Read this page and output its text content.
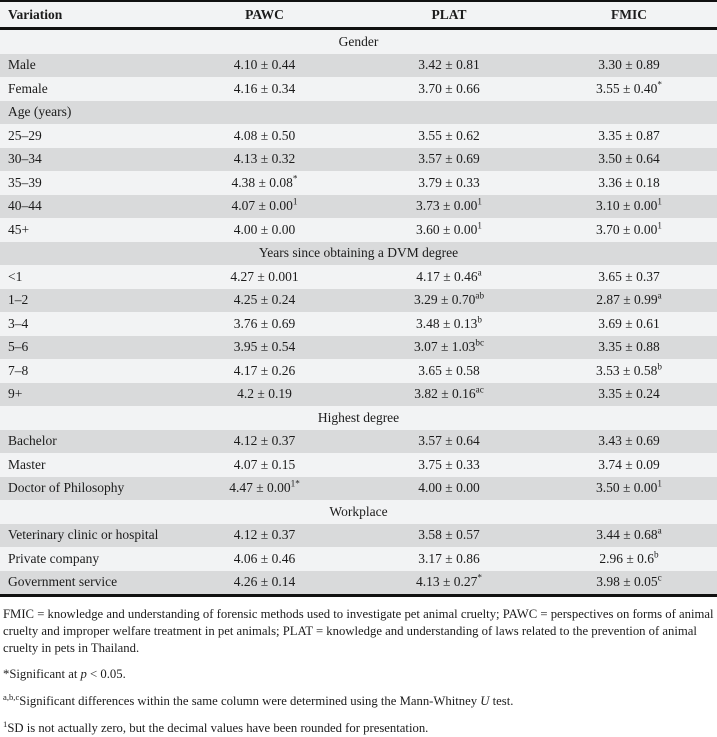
Variation	PAWC	PLAT	FMIC
Gender			
Male	4.10 ± 0.44	3.42 ± 0.81	3.30 ± 0.89
Female	4.16 ± 0.34	3.70 ± 0.66	3.55 ± 0.40*
Age (years)			
25–29	4.08 ± 0.50	3.55 ± 0.62	3.35 ± 0.87
30–34	4.13 ± 0.32	3.57 ± 0.69	3.50 ± 0.64
35–39	4.38 ± 0.08*	3.79 ± 0.33	3.36 ± 0.18
40–44	$4.07 \pm 0.00^1$	$3.73 \pm 0.00^1$	$3.10 \pm 0.00^1$
45+	4.00 ± 0.00	$3.60 \pm 0.00^1$	$3.70 \pm 0.00^1$
Years since obtaining a DVM degree			
<1	4.27 ± 0.001	4.17 ± 0.46$^a$	3.65 ± 0.37
1–2	4.25 ± 0.24	3.29 ± 0.70$^{ab}$	2.87 ± 0.99$^a$
3–4	3.76 ± 0.69	3.48 ± 0.13$^b$	3.69 ± 0.61
5–6	3.95 ± 0.54	3.07 ± 1.03$^{bc}$	3.35 ± 0.88
7–8	4.17 ± 0.26	3.65 ± 0.58	3.53 ± 0.58$^b$
9+	4.2 ± 0.19	3.82 ± 0.16$^{ac}$	3.35 ± 0.24
Highest degree			
Bachelor	4.12 ± 0.37	3.57 ± 0.64	3.43 ± 0.69
Master	4.07 ± 0.15	3.75 ± 0.33	3.74 ± 0.09
Doctor of Philosophy	$4.47 \pm 0.00^{1*}$	4.00 ± 0.00	$3.50 \pm 0.00^1$
Workplace			
Veterinary clinic or hospital	4.12 ± 0.37	3.58 ± 0.57	3.44 ± 0.68$^a$
Private company	4.06 ± 0.46	3.17 ± 0.86	2.96 ± 0.6$^b$
Government service	4.26 ± 0.14	4.13 ± 0.27*	3.98 ± 0.05$^c$

FMIC = knowledge and understanding of forensic methods used to investigate pet animal cruelty; PAWC = perspectives on forms of animal cruelty and improper welfare treatment in pet animals; PLAT = knowledge and understanding of laws related to the prevention of animal cruelty in pets in Thailand.

*Significant at p < 0.05.

$^{a,b,c}$Significant differences within the same column were determined using the Mann-Whitney U test.

$^1$SD is not actually zero, but the decimal values have been rounded for presentation.
